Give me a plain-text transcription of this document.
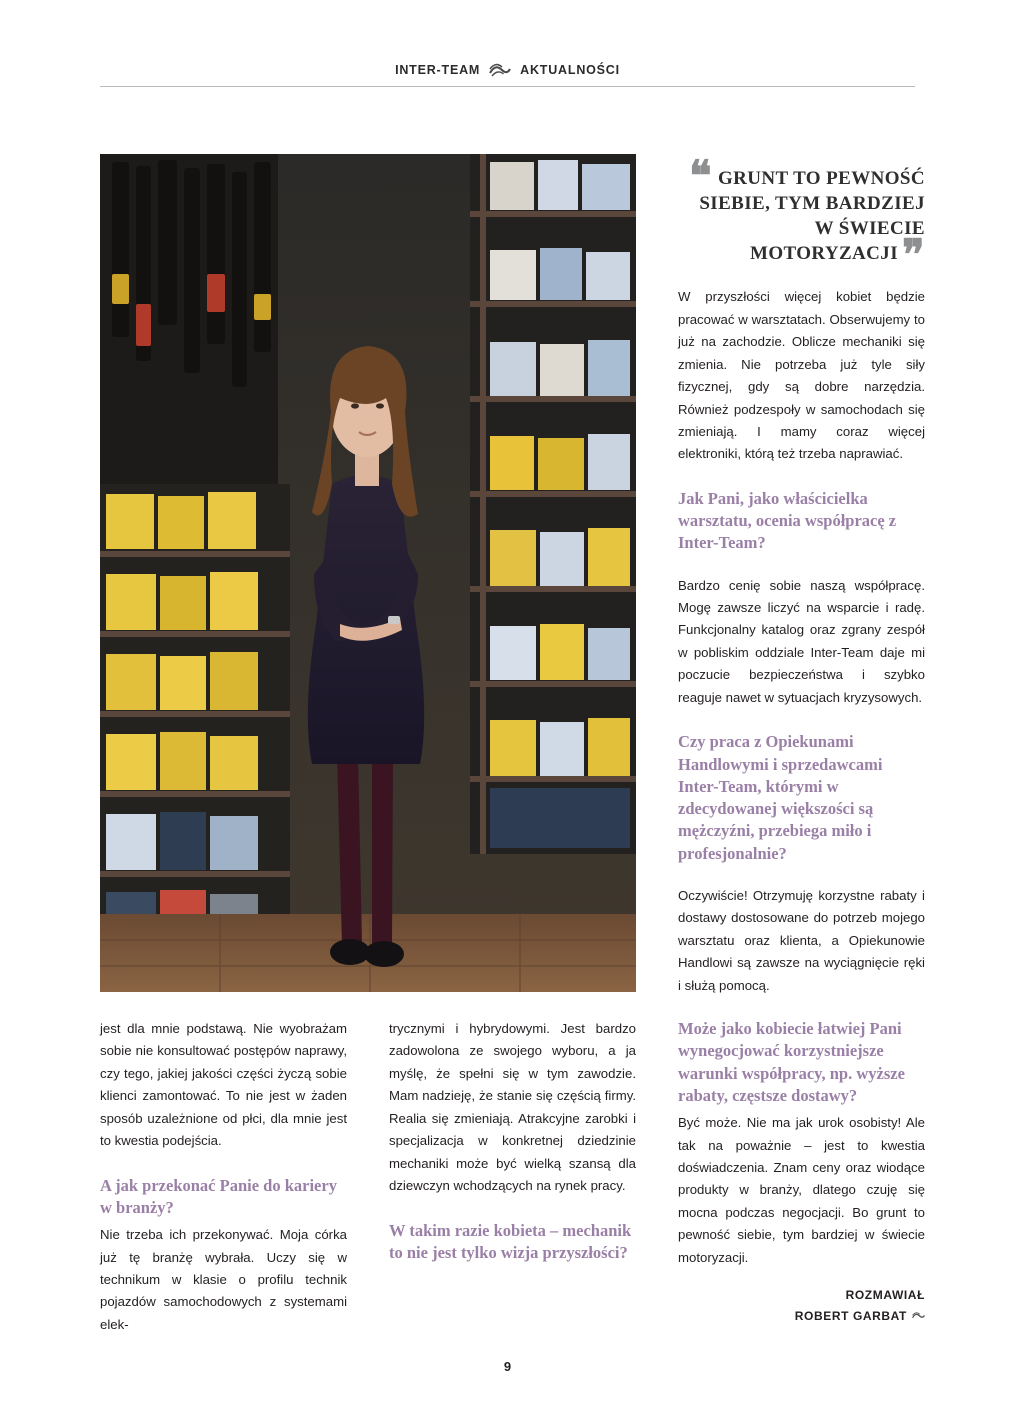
INTER-TEAM	AKTUALNOŚCI
❝ GRUNT TO PEWNOŚĆ SIEBIE, TYM BARDZIEJ W ŚWIECIE MOTORYZACJI❞

W przyszłości więcej kobiet będzie pracować w warsztatach. Obserwujemy to już na zachodzie. Oblicze mechaniki się zmienia. Nie potrzeba już tyle siły fizycznej, gdy są dobre narzędzia. Również podzespoły w samochodach się zmieniają. I mamy coraz więcej elektroniki, którą też trzeba naprawiać.

Jak Pani, jako właścicielka warsztatu, ocenia współpracę z Inter-Team?

Bardzo cenię sobie naszą współpracę. Mogę zawsze liczyć na wsparcie i radę. Funkcjonalny katalog oraz zgrany zespół w pobliskim oddziale Inter-Team daje mi poczucie bezpieczeństwa i szybko reaguje nawet w sytuacjach kryzysowych.

Czy praca z Opiekunami Handlowymi i sprzedawcami Inter-Team, którymi w zdecydowanej większości są mężczyźni, przebiega miło i profesjonalnie?

Oczywiście! Otrzymuję korzystne rabaty i dostawy dostosowane do potrzeb mojego warsztatu oraz klienta, a Opiekunowie Handlowi są zawsze na wyciągnięcie ręki i służą pomocą.

jest dla mnie podstawą. Nie wyobrażam sobie nie konsultować postępów naprawy, czy tego, jakiej jakości części życzą sobie klienci zamontować. To nie jest w żaden sposób uzależnione od płci, dla mnie jest to kwestia podejścia.

A jak przekonać Panie do kariery w branży?

Nie trzeba ich przekonywać. Moja córka już tę branżę wybrała. Uczy się w technikum w klasie o profilu technik pojazdów samochodowych z systemami elek-

trycznymi i hybrydowymi. Jest bardzo zadowolona ze swojego wyboru, a ja myślę, że spełni się w tym zawodzie. Mam nadzieję, że stanie się częścią firmy. Realia się zmieniają. Atrakcyjne zarobki i specjalizacja w konkretnej dziedzinie mechaniki może być wielką szansą dla dziewczyn wchodzących na rynek pracy.

W takim razie kobieta – mechanik to nie jest tylko wizja przyszłości?
Może jako kobiecie łatwiej Pani wynegocjować korzystniejsze warunki współpracy, np. wyższe rabaty, częstsze dostawy?

Być może. Nie ma jak urok osobisty! Ale tak na poważnie – jest to kwestia doświadczenia. Znam ceny oraz wiodące produkty w branży, dlatego czuję się mocna podczas negocjacji. Bo grunt to pewność siebie, tym bardziej w świecie motoryzacji.

ROZMAWIAŁ
ROBERT GARBAT
9
